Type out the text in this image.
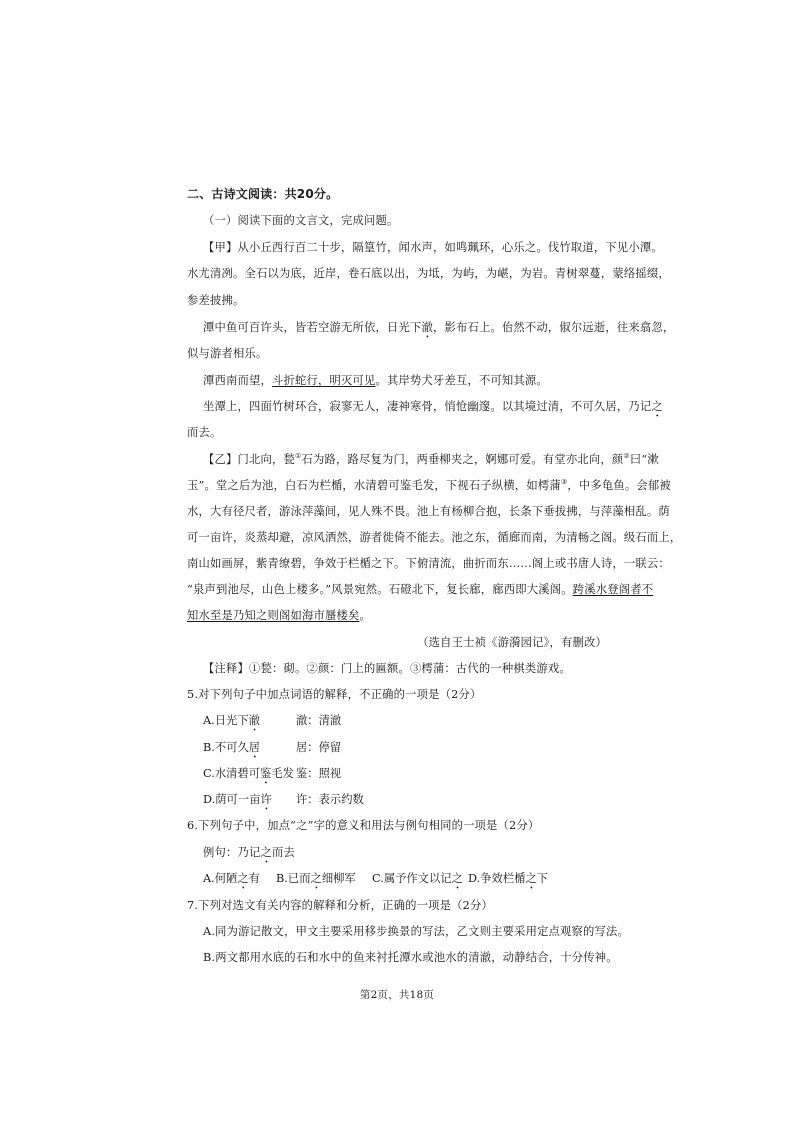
二、古诗文阅读：共20分。
（一）阅读下面的文言文，完成问题。
【甲】从小丘西行百二十步，隔篁竹，闻水声，如鸣珮环，心乐之。伐竹取道，下见小潭。
水尤清冽。全石以为底，近岸，卷石底以出，为坻，为屿，为嵁，为岩。青树翠蔓，蒙络摇缀，
参差披拂。
潭中鱼可百许头，皆若空游无所依，日光下澈，影布石上。佁然不动，俶尔远逝，往来翕忽，
似与游者相乐。
潭西南而望，斗折蛇行，明灭可见。其岸势犬牙差互，不可知其源。
坐潭上，四面竹树环合，寂寥无人，凄神寒骨，悄怆幽邃。以其境过清，不可久居，乃记之
而去。
【乙】门北向，甃①石为路，路尽复为门，两垂柳夹之，婀娜可爱。有堂亦北向，颜②曰“漱
玉”。堂之后为池，白石为栏楯，水清碧可鉴毛发，下视石子纵横，如樗蒲③，中多龟鱼。会郁被
水，大有径尺者，游泳萍藻间，见人殊不畏。池上有杨柳合抱，长条下垂拔拂，与萍藻相乱。荫
可一亩许，炎蒸却避，凉风洒然，游者徙倚不能去。池之东，循廊而南，为清畅之阁。级石而上，
南山如画屏，紫青缭碧，争效于栏楯之下。下俯清流，曲折而东……阁上或书唐人诗，一联云：
“泉声到池尽，山色上楼多。”风景宛然。石磴北下，复长廊，廊西即大溪阁。跨溪水登阁者不
知水至是乃知之则阁如海市蜃楼矣。
（选自王士祯《游漪园记》，有删改）
【注释】①甃：砌。②颜：门上的匾额。③樗蒲：古代的一种棋类游戏。
5.对下列句子中加点词语的解释，不正确的一项是（2分）
A.日光下澈	澈：清澈
B.不可久居	居：停留
C.水清碧可鉴毛发 鉴：照视
D.荫可一亩许 许：表示约数
6.下列句子中，加点“之”字的意义和用法与例句相同的一项是（2分）
例句：乃记之而去
A.何陋之有 B.已而之细柳军 C.属予作文以记之 D.争效栏楯之下
7.下列对选文有关内容的解释和分析，正确的一项是（2分）
A.同为游记散文，甲文主要采用移步换景的写法，乙文则主要采用定点观察的写法。
B.两文都用水底的石和水中的鱼来衬托潭水或池水的清澈，动静结合，十分传神。
第2页，共18页
